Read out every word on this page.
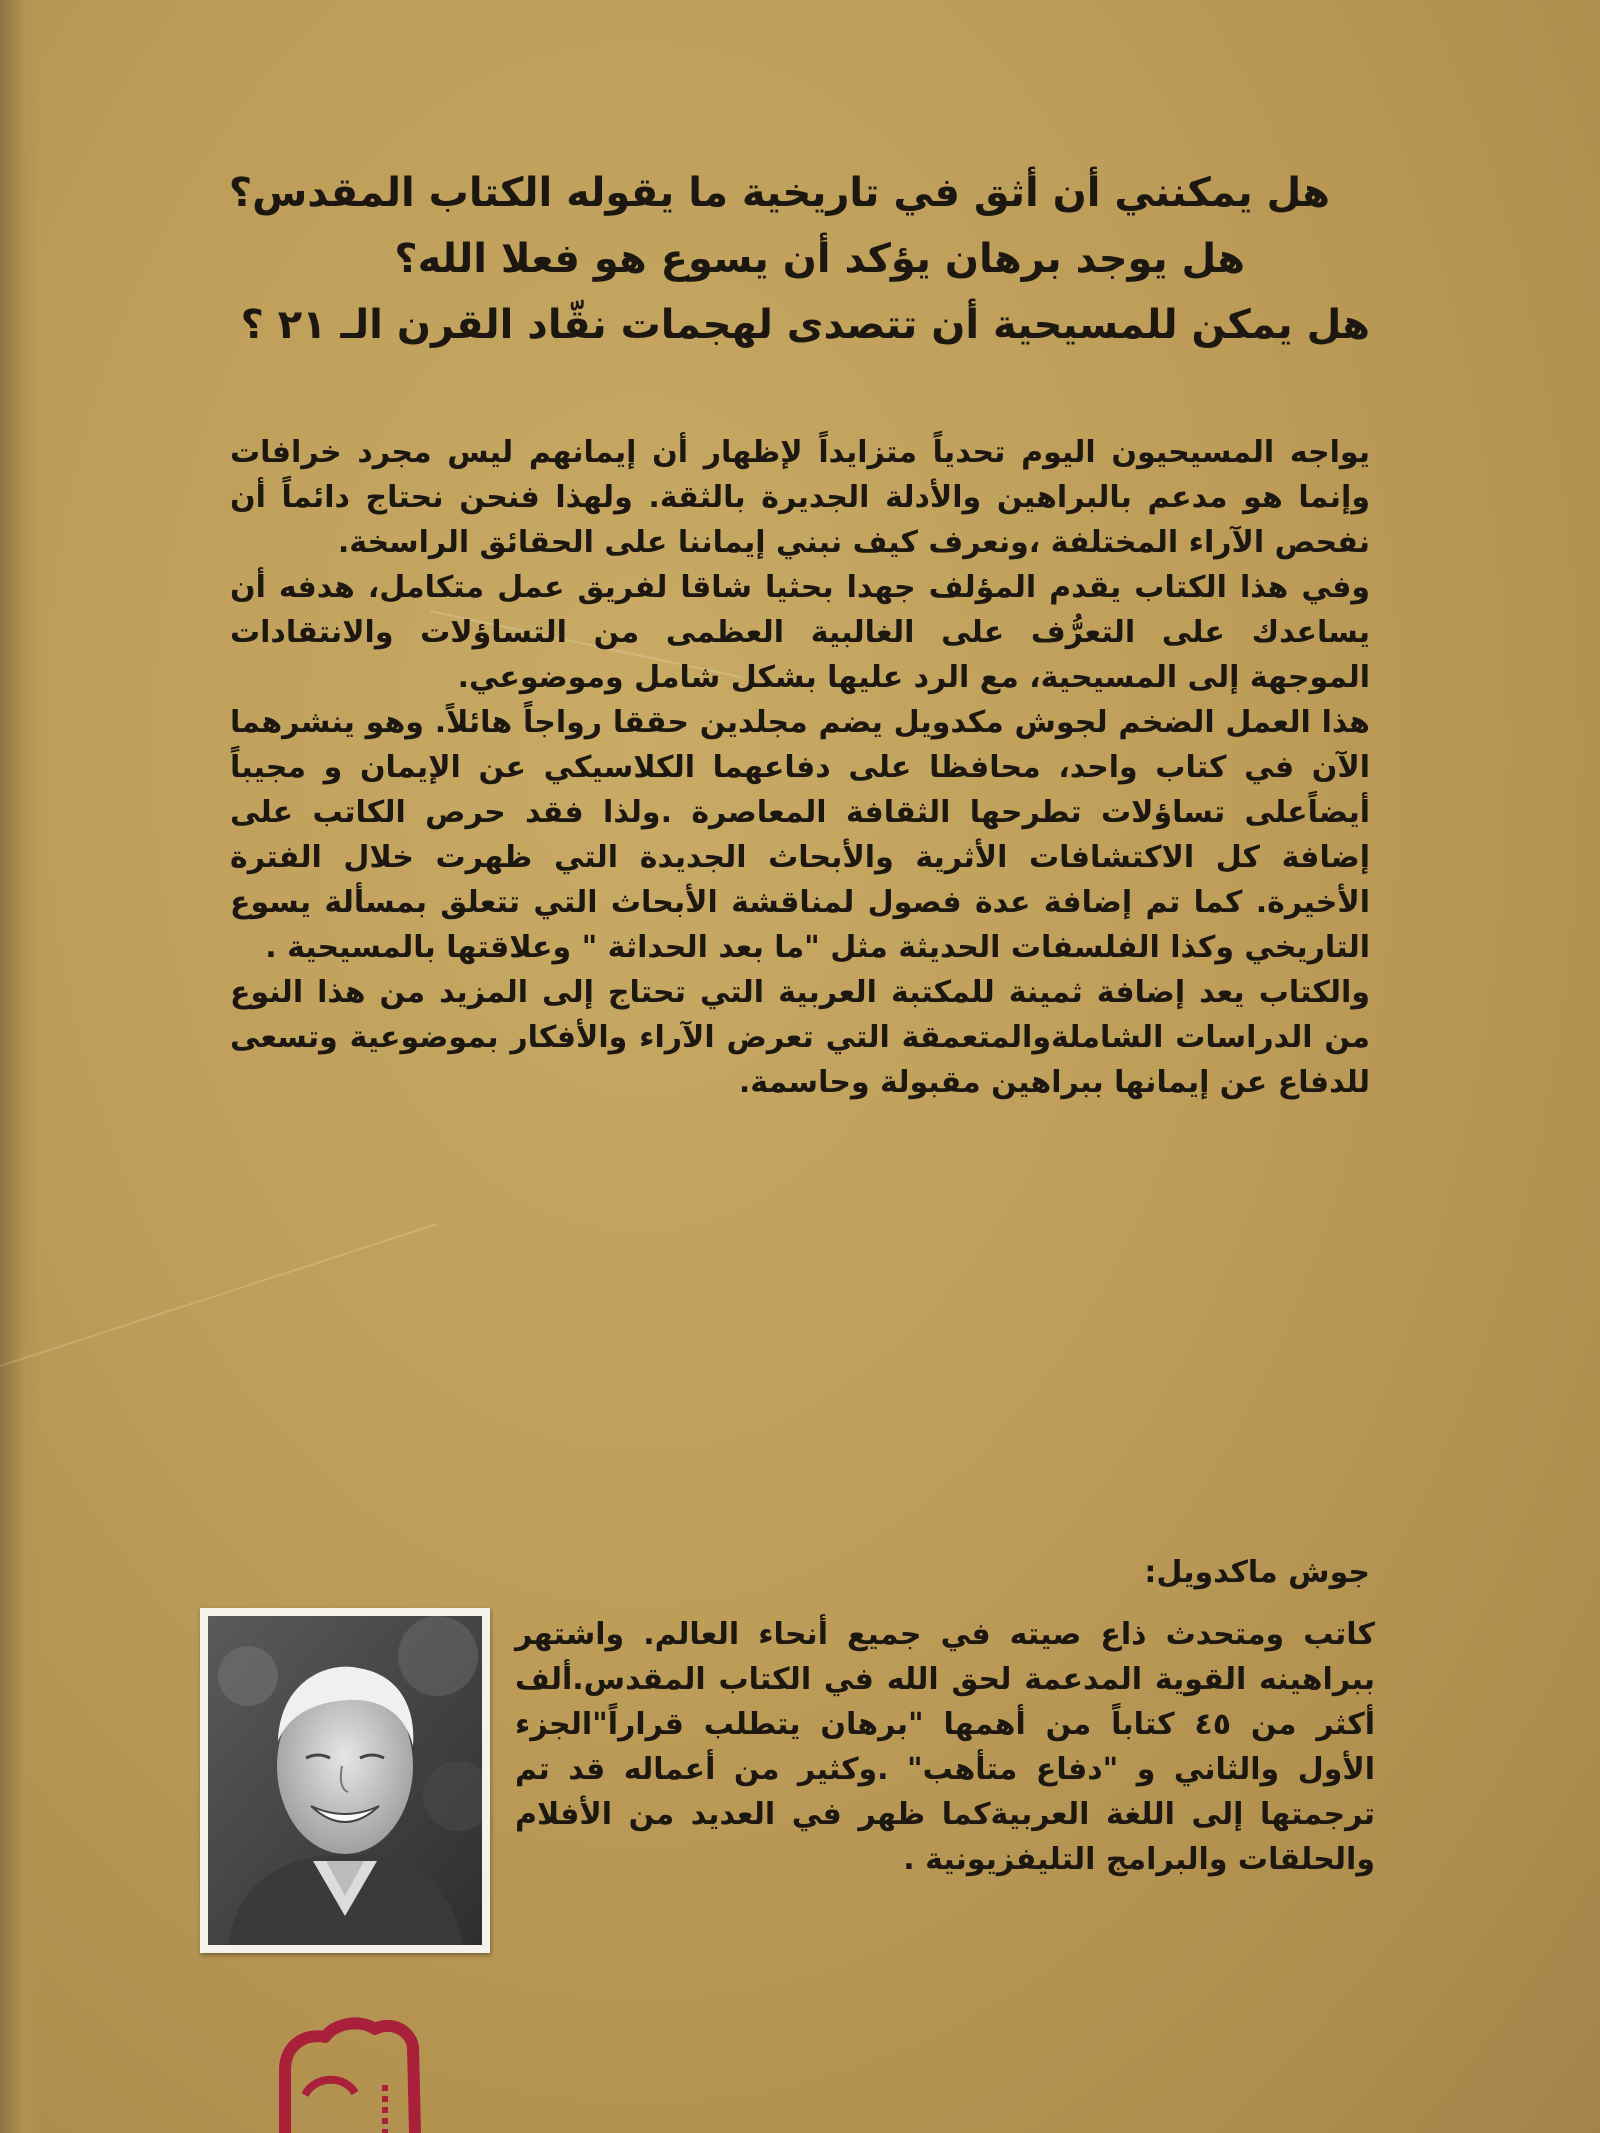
هل يمكنني أن أثق في تاريخية ما يقوله الكتاب المقدس؟
هل يوجد برهان يؤكد أن يسوع هو فعلا الله؟
هل يمكن للمسيحية أن تتصدى لهجمات نقّاد القرن الـ ٢١ ؟

يواجه المسيحيون اليوم تحدياً متزايداً لإظهار أن إيمانهم ليس مجرد خرافات وإنما هو مدعم بالبراهين والأدلة الجديرة بالثقة. ولهذا فنحن نحتاج دائماً أن نفحص الآراء المختلفة ،ونعرف كيف نبني إيماننا على الحقائق الراسخة.

وفي هذا الكتاب يقدم المؤلف جهدا بحثيا شاقا لفريق عمل متكامل، هدفه أن يساعدك على التعرُّف على الغالبية العظمى من التساؤلات والانتقادات الموجهة إلى المسيحية، مع الرد عليها بشكل شامل وموضوعي.

هذا العمل الضخم لجوش مكدويل يضم مجلدين حققا رواجاً هائلاً. وهو ينشرهما الآن في كتاب واحد، محافظا على دفاعهما الكلاسيكي عن الإيمان و مجيباً أيضاًعلى تساؤلات تطرحها الثقافة المعاصرة .ولذا فقد حرص الكاتب على إضافة كل الاكتشافات الأثرية والأبحاث الجديدة التي ظهرت خلال الفترة الأخيرة. كما تم إضافة عدة فصول لمناقشة الأبحاث التي تتعلق بمسألة يسوع التاريخي وكذا الفلسفات الحديثة مثل "ما بعد الحداثة " وعلاقتها بالمسيحية .

والكتاب يعد إضافة ثمينة للمكتبة العربية التي تحتاج إلى المزيد من هذا النوع من الدراسات الشاملةوالمتعمقة التي تعرض الآراء والأفكار بموضوعية وتسعى للدفاع عن إيمانها ببراهين مقبولة وحاسمة.

جوش ماكدويل:
كاتب ومتحدث ذاع صيته في جميع أنحاء العالم. واشتهر ببراهينه القوية المدعمة لحق الله في الكتاب المقدس.ألف أكثر من ٤٥ كتاباً من أهمها "برهان يتطلب قراراً"الجزء الأول والثاني و "دفاع متأهب" .وكثير من أعماله قد تم ترجمتها إلى اللغة العربيةكما ظهر في العديد من الأفلام والحلقات والبرامج التليفزيونية .
